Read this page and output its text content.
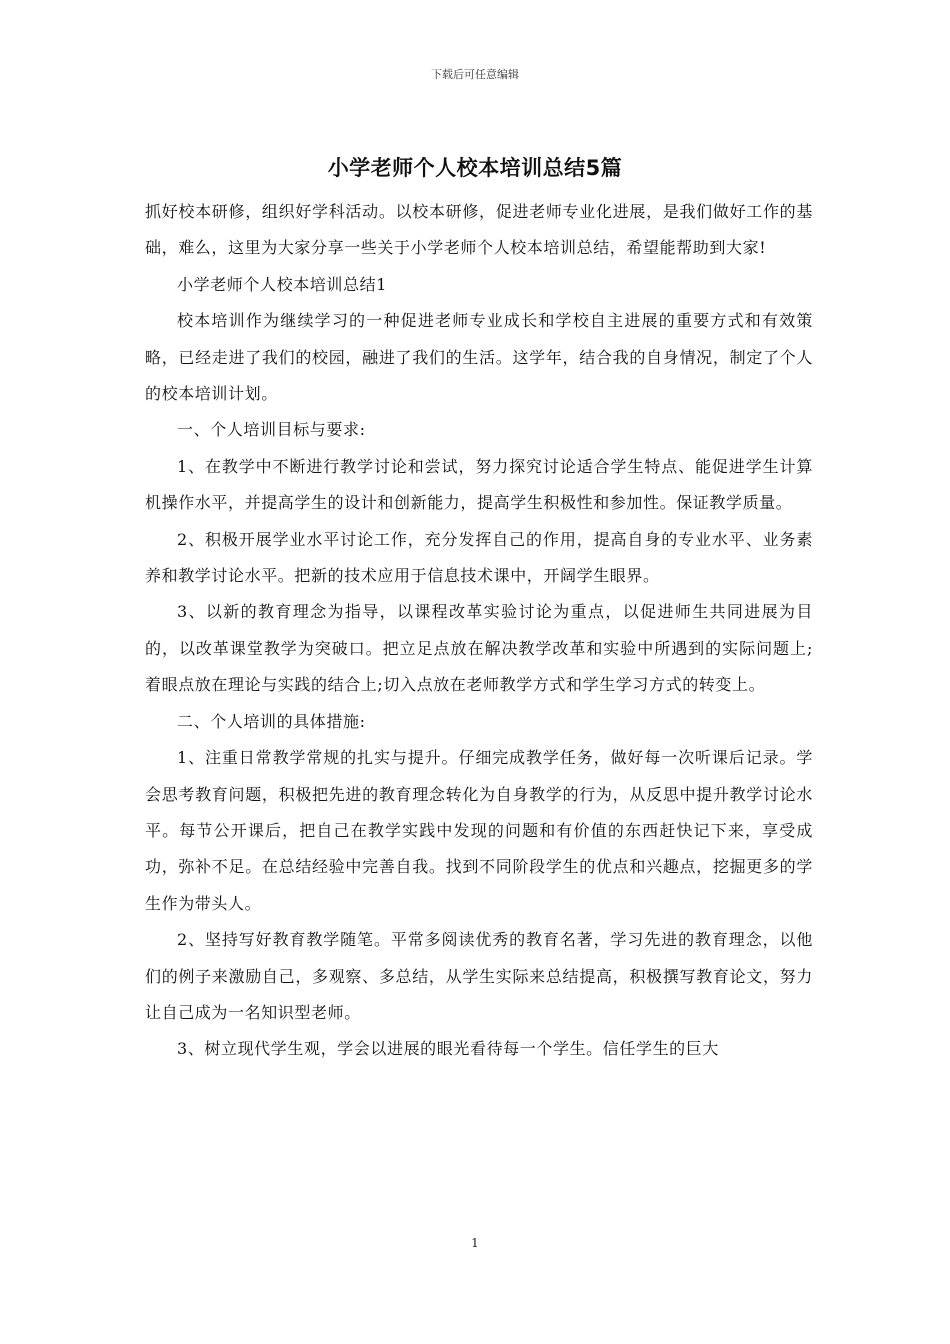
下载后可任意编辑
小学老师个人校本培训总结5篇

抓好校本研修，组织好学科活动。以校本研修，促进老师专业化进展，是我们做好工作的基础，难么，这里为大家分享一些关于小学老师个人校本培训总结，希望能帮助到大家!

小学老师个人校本培训总结1

校本培训作为继续学习的一种促进老师专业成长和学校自主进展的重要方式和有效策略，已经走进了我们的校园，融进了我们的生活。这学年，结合我的自身情况，制定了个人的校本培训计划。

一、个人培训目标与要求:

1、在教学中不断进行教学讨论和尝试，努力探究讨论适合学生特点、能促进学生计算机操作水平，并提高学生的设计和创新能力，提高学生积极性和参加性。保证教学质量。

2、积极开展学业水平讨论工作，充分发挥自己的作用，提高自身的专业水平、业务素养和教学讨论水平。把新的技术应用于信息技术课中，开阔学生眼界。

3、以新的教育理念为指导，以课程改革实验讨论为重点，以促进师生共同进展为目的，以改革课堂教学为突破口。把立足点放在解决教学改革和实验中所遇到的实际问题上;着眼点放在理论与实践的结合上;切入点放在老师教学方式和学生学习方式的转变上。

二、个人培训的具体措施:

1、注重日常教学常规的扎实与提升。仔细完成教学任务，做好每一次听课后记录。学会思考教育问题，积极把先进的教育理念转化为自身教学的行为，从反思中提升教学讨论水平。每节公开课后，把自己在教学实践中发现的问题和有价值的东西赶快记下来，享受成功，弥补不足。在总结经验中完善自我。找到不同阶段学生的优点和兴趣点，挖掘更多的学生作为带头人。

2、坚持写好教育教学随笔。平常多阅读优秀的教育名著，学习先进的教育理念，以他们的例子来激励自己，多观察、多总结，从学生实际来总结提高，积极撰写教育论文，努力让自己成为一名知识型老师。

3、树立现代学生观，学会以进展的眼光看待每一个学生。信任学生的巨大

1
